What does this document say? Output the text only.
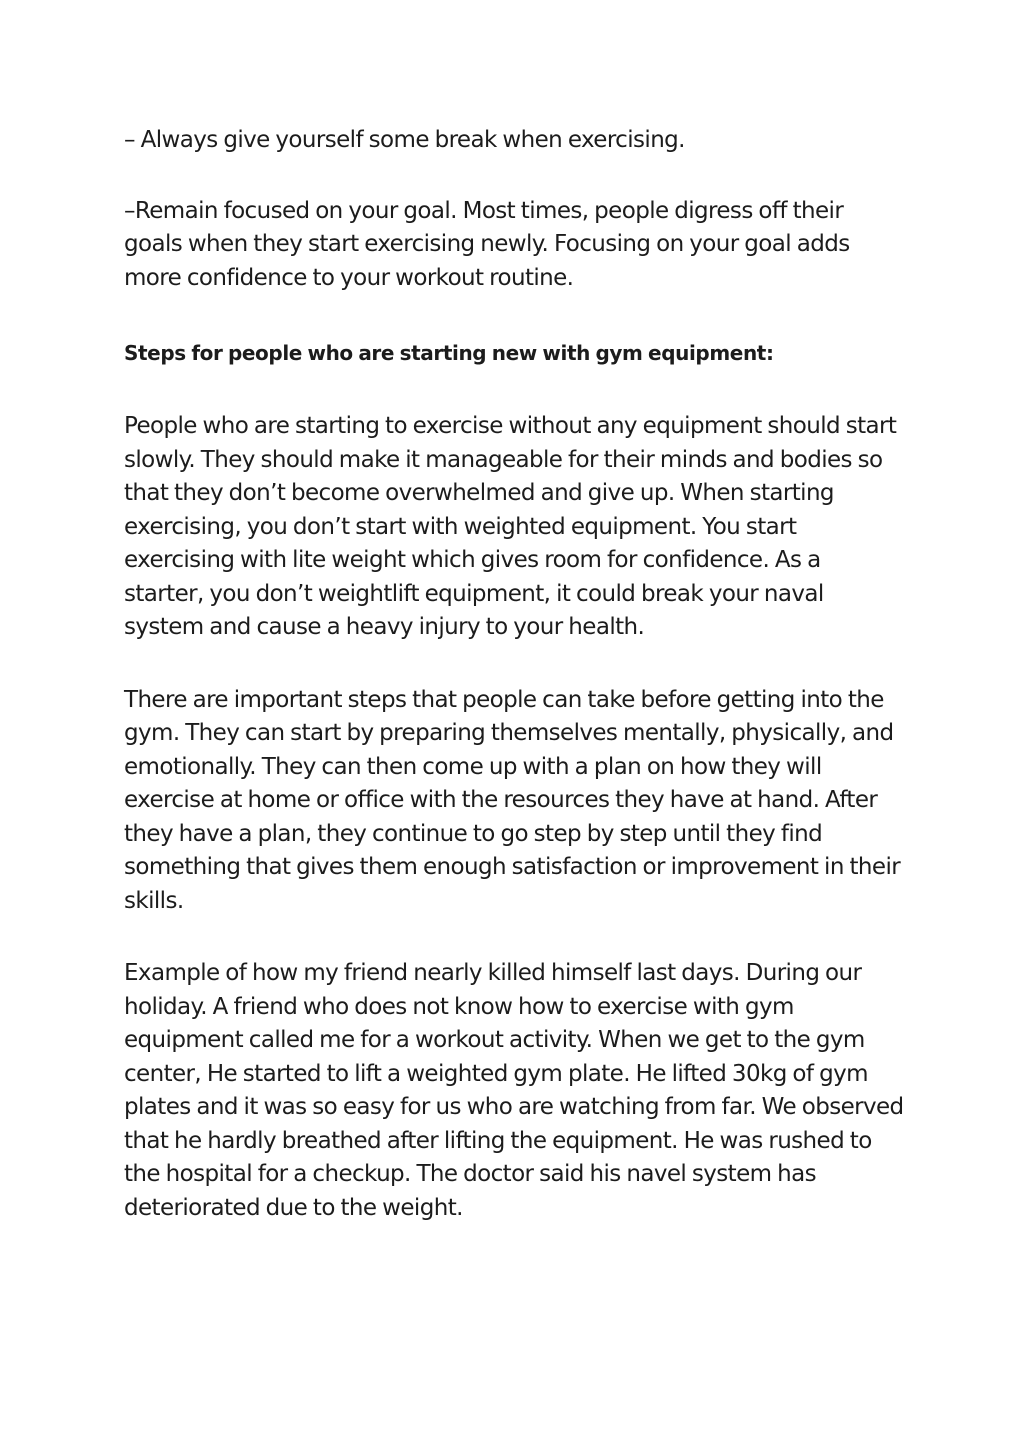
– Always give yourself some break when exercising.

–Remain focused on your goal. Most times, people digress off their goals when they start exercising newly. Focusing on your goal adds more confidence to your workout routine.

Steps for people who are starting new with gym equipment:

People who are starting to exercise without any equipment should start slowly. They should make it manageable for their minds and bodies so that they don’t become overwhelmed and give up. When starting exercising, you don’t start with weighted equipment. You start exercising with lite weight which gives room for confidence. As a starter, you don’t weightlift equipment, it could break your naval system and cause a heavy injury to your health.

There are important steps that people can take before getting into the gym. They can start by preparing themselves mentally, physically, and emotionally. They can then come up with a plan on how they will exercise at home or office with the resources they have at hand. After they have a plan, they continue to go step by step until they find something that gives them enough satisfaction or improvement in their skills.

Example of how my friend nearly killed himself last days. During our holiday. A friend who does not know how to exercise with gym equipment called me for a workout activity. When we get to the gym center, He started to lift a weighted gym plate. He lifted 30kg of gym plates and it was so easy for us who are watching from far. We observed that he hardly breathed after lifting the equipment. He was rushed to the hospital for a checkup. The doctor said his navel system has deteriorated due to the weight.
